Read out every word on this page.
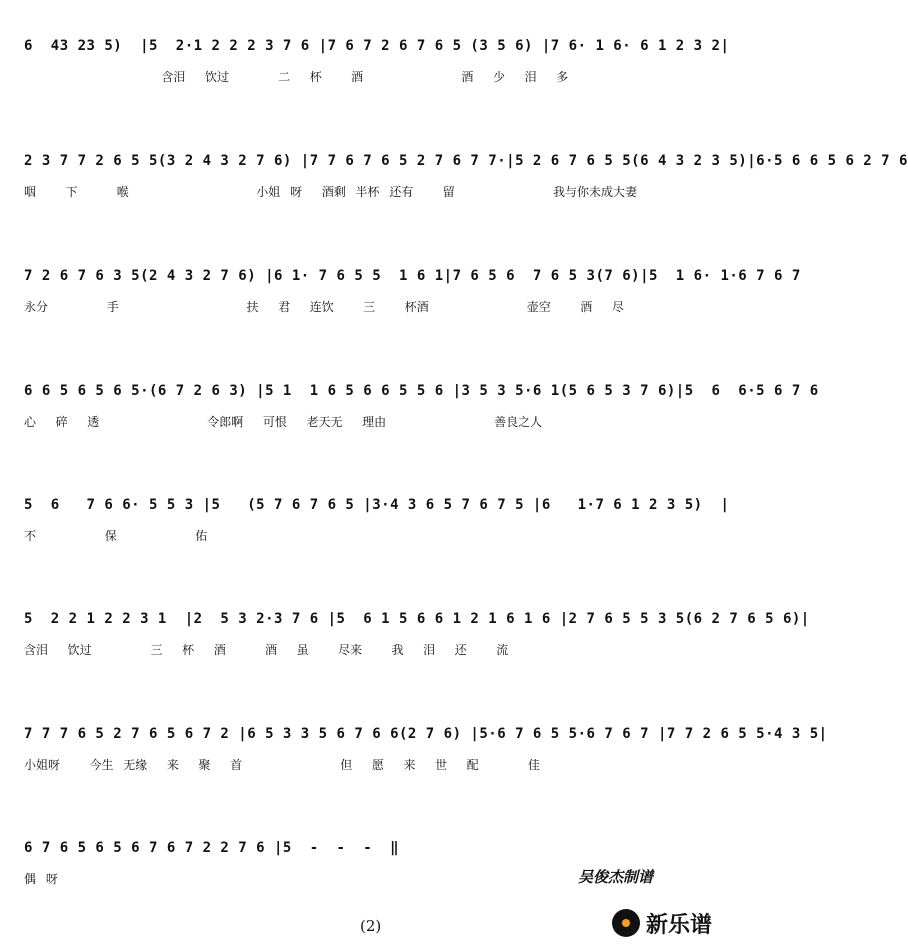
6  43 23 5)  |5  2·1 2 2 2 3 7 6 |7 6 7 2 6 7 6 5 (3 5 6) |7 6· 1 6· 6 1 2 3 2|
含泪  饮过     二  杯   酒          酒  少  泪  多
2 3 7 7 2 6 5 5(3 2 4 3 2 7 6) |7 7 6 7 6 5 2 7 6 7 7·|5 2 6 7 6 5 5(6 4 3 2 3 5)|6·5 6 6 5 6 2 7 6
咽   下    喉             小姐 呀  酒剩 半杯 还有   留          我与你未成大妻
7 2 6 7 6 3 5(2 4 3 2 7 6) |6 1· 7 6 5 5  1 6 1|7 6 5 6  7 6 5 3(7 6)|5  1 6· 1·6 7 6 7
永分      手             扶  君  连饮   三   杯酒          壶空   酒  尽
6 6 5 6 5 6 5·(6 7 2 6 3) |5 1  1 6 5 6 6 5 5 6 |3 5 3 5·6 1(5 6 5 3 7 6)|5  6  6·5 6 7 6
心  碎  透           令郎啊  可恨  老天无  理由           善良之人
5  6   7 6 6· 5 5 3 |5   (5 7 6 7 6 5 |3·4 3 6 5 7 6 7 5 |6   1·7 6 1 2 3 5)  |
不       保        佑
5  2 2 1 2 2 3 1  |2  5 3 2·3 7 6 |5  6 1 5 6 6 1 2 1 6 1 6 |2 7 6 5 5 3 5(6 2 7 6 5 6)|
含泪  饮过      三  杯  酒    酒  虽   尽来   我  泪  还   流
7 7 7 6 5 2 7 6 5 6 7 2 |6 5 3 3 5 6 7 6 6(2 7 6) |5·6 7 6 5 5·6 7 6 7 |7 7 2 6 5 5·4 3 5|
小姐呀   今生 无缘  来  聚  首          但  愿  来  世  配     佳
6 7 6 5 6 5 6 7 6 7 2 2 7 6 |5  -  -  -  ‖
偶 呀	吴俊杰制谱
(2)	新乐谱
